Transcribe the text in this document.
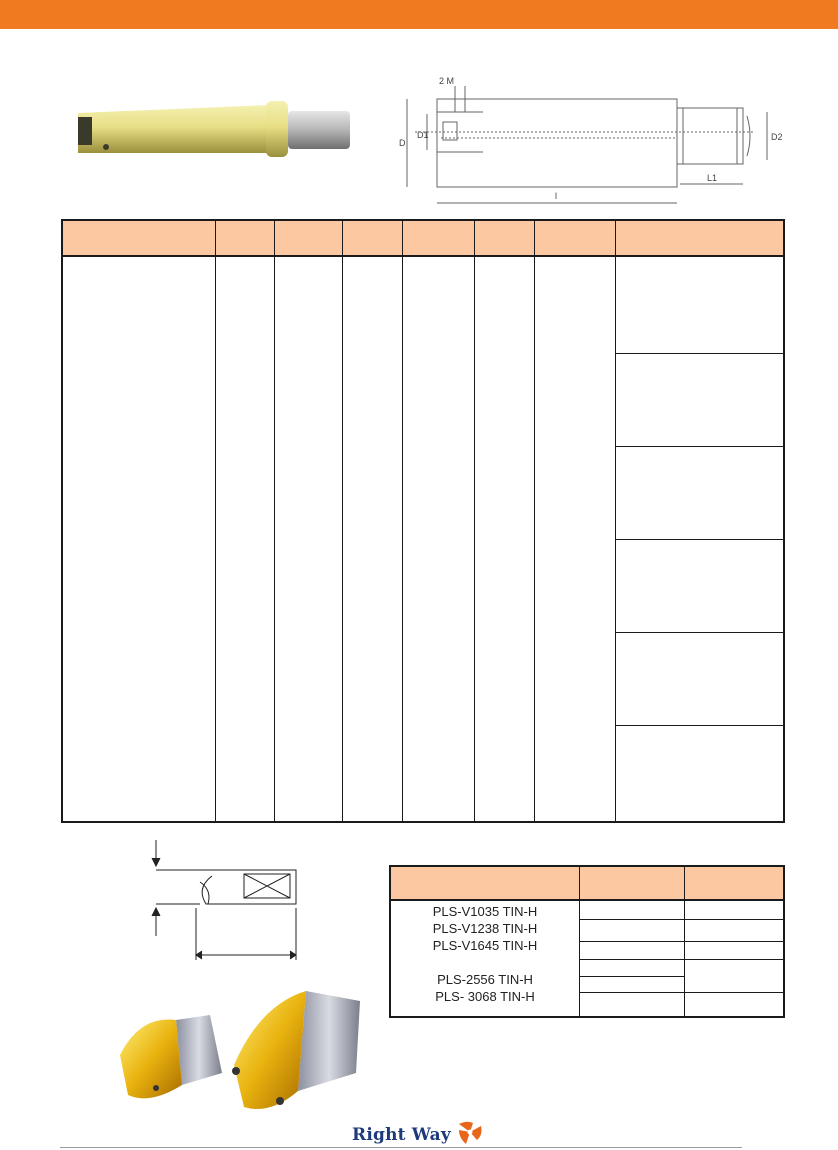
2 M
D
D1	D2
l
L1
PLS-V1035 TIN-H
PLS-V1238 TIN-H
PLS-V1645 TIN-H
PLS-2556 TIN-H
PLS- 3068 TIN-H
Right Way
